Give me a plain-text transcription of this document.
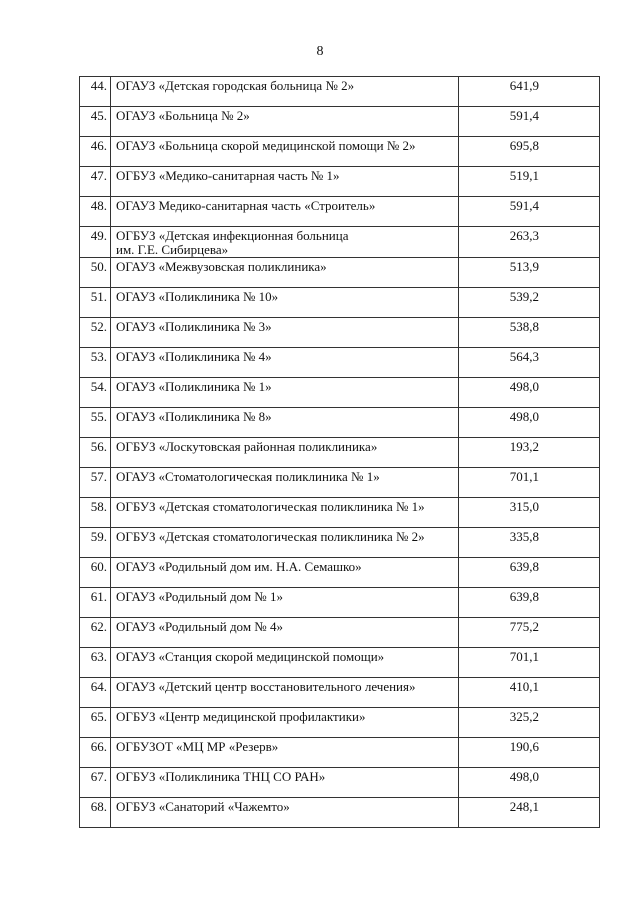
8
44.	ОГАУЗ «Детская городская больница № 2»	641,9
45.	ОГАУЗ «Больница № 2»	591,4
46.	ОГАУЗ «Больница скорой медицинской помощи № 2»	695,8
47.	ОГБУЗ «Медико-санитарная часть № 1»	519,1
48.	ОГАУЗ Медико-санитарная часть «Строитель»	591,4
49.	ОГБУЗ «Детская инфекционная больница
им. Г.Е. Сибирцева»	263,3
50.	ОГАУЗ «Межвузовская поликлиника»	513,9
51.	ОГАУЗ «Поликлиника № 10»	539,2
52.	ОГАУЗ «Поликлиника № 3»	538,8
53.	ОГАУЗ «Поликлиника № 4»	564,3
54.	ОГАУЗ «Поликлиника № 1»	498,0
55.	ОГАУЗ «Поликлиника № 8»	498,0
56.	ОГБУЗ «Лоскутовская районная поликлиника»	193,2
57.	ОГАУЗ «Стоматологическая поликлиника № 1»	701,1
58.	ОГБУЗ «Детская стоматологическая поликлиника № 1»	315,0
59.	ОГБУЗ «Детская стоматологическая поликлиника № 2»	335,8
60.	ОГАУЗ «Родильный дом им. Н.А. Семашко»	639,8
61.	ОГАУЗ «Родильный дом № 1»	639,8
62.	ОГАУЗ «Родильный дом № 4»	775,2
63.	ОГАУЗ «Станция скорой медицинской помощи»	701,1
64.	ОГАУЗ «Детский центр восстановительного лечения»	410,1
65.	ОГБУЗ «Центр медицинской профилактики»	325,2
66.	ОГБУЗОТ «МЦ МР «Резерв»	190,6
67.	ОГБУЗ «Поликлиника ТНЦ СО РАН»	498,0
68.	ОГБУЗ «Санаторий «Чажемто»	248,1
